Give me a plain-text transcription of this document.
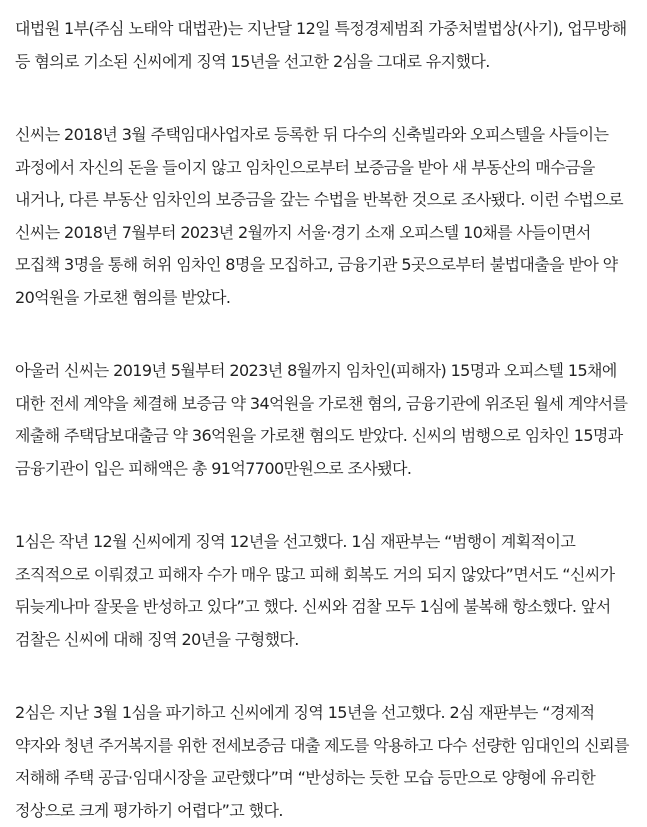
대법원 1부(주심 노태악 대법관)는 지난달 12일 특정경제범죄 가중처벌법상(사기), 업무방해 등 혐의로 기소된 신씨에게 징역 15년을 선고한 2심을 그대로 유지했다.

신씨는 2018년 3월 주택임대사업자로 등록한 뒤 다수의 신축빌라와 오피스텔을 사들이는 과정에서 자신의 돈을 들이지 않고 임차인으로부터 보증금을 받아 새 부동산의 매수금을 내거나, 다른 부동산 임차인의 보증금을 갚는 수법을 반복한 것으로 조사됐다. 이런 수법으로 신씨는 2018년 7월부터 2023년 2월까지 서울·경기 소재 오피스텔 10채를 사들이면서 모집책 3명을 통해 허위 임차인 8명을 모집하고, 금융기관 5곳으로부터 불법대출을 받아 약 20억원을 가로챈 혐의를 받았다.

아울러 신씨는 2019년 5월부터 2023년 8월까지 임차인(피해자) 15명과 오피스텔 15채에 대한 전세 계약을 체결해 보증금 약 34억원을 가로챈 혐의, 금융기관에 위조된 월세 계약서를 제출해 주택담보대출금 약 36억원을 가로챈 혐의도 받았다. 신씨의 범행으로 임차인 15명과 금융기관이 입은 피해액은 총 91억7700만원으로 조사됐다.

1심은 작년 12월 신씨에게 징역 12년을 선고했다. 1심 재판부는 “범행이 계획적이고 조직적으로 이뤄졌고 피해자 수가 매우 많고 피해 회복도 거의 되지 않았다”면서도 “신씨가 뒤늦게나마 잘못을 반성하고 있다”고 했다. 신씨와 검찰 모두 1심에 불복해 항소했다. 앞서 검찰은 신씨에 대해 징역 20년을 구형했다.

2심은 지난 3월 1심을 파기하고 신씨에게 징역 15년을 선고했다. 2심 재판부는 “경제적 약자와 청년 주거복지를 위한 전세보증금 대출 제도를 악용하고 다수 선량한 임대인의 신뢰를 저해해 주택 공급·임대시장을 교란했다”며 “반성하는 듯한 모습 등만으로 양형에 유리한 정상으로 크게 평가하기 어렵다”고 했다.
